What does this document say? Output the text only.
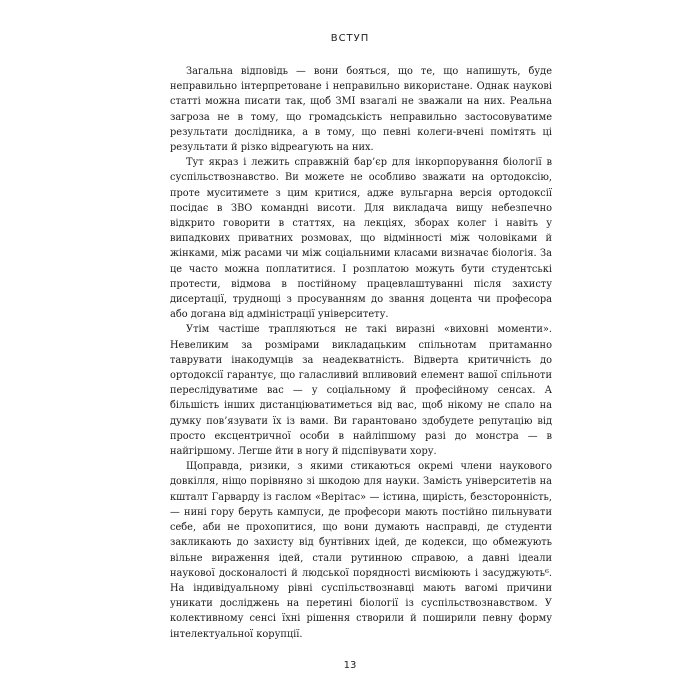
ВСТУП

Загальна відповідь — вони бояться, що те, що напишуть, буде неправильно інтерпретоване і неправильно використане. Однак наукові статті можна писати так, щоб ЗМІ взагалі не зважали на них. Реальна загроза не в тому, що громадськість неправильно застосовуватиме результати дослідника, а в тому, що певні колеги-вчені помітять ці результати й різко відреагують на них.

Тут якраз і лежить справжній бар’єр для інкорпорування біології в суспільствознавство. Ви можете не особливо зважати на ортодоксію, проте муситимете з цим критися, адже вульгарна версія ортодоксії посідає в ЗВО командні висоти. Для викладача вищу небезпечно відкрито говорити в статтях, на лекціях, зборах колег і навіть у випадкових приватних розмовах, що відмінності між чоловіками й жінками, між расами чи між соціальними класами визначає біологія. За це часто можна поплатитися. І розплатою можуть бути студентські протести, відмова в постійному працевлаштуванні після захисту дисертації, труднощі з просуванням до звання доцента чи професора або догана від адміністрації університету.

Утім частіше трапляються не такі виразні «виховні моменти». Невеликим за розмірами викладацьким спільнотам притаманно таврувати інакодумців за неадекватність. Відверта критичність до ортодоксії гарантує, що галасливий впливовий елемент вашої спільноти переслідуватиме вас — у соціальному й професійному сенсах. А більшість інших дистанціюватиметься від вас, щоб нікому не спало на думку пов’язувати їх із вами. Ви гарантовано здобудете репутацію від просто ексцентричної особи в найліпшому разі до монстра — в найгіршому. Легше йти в ногу й підспівувати хору.

Щоправда, ризики, з якими стикаються окремі члени наукового довкілля, ніщо порівняно зі шкодою для науки. Замість університетів на кшталт Гарварду із гаслом «Верітас» — істина, щирість, безсторонність, — нині гору беруть кампуси, де професори мають постійно пильнувати себе, аби не прохопитися, що вони думають насправді, де студенти закликають до захисту від бунтівних ідей, де кодекси, що обмежують вільне вираження ідей, стали рутинною справою, а давні ідеали наукової досконалості й людської порядності висміюють і засуджують⁶. На індивідуальному рівні суспільствознавці мають вагомі причини уникати досліджень на перетині біології із суспільствознавством. У колективному сенсі їхні рішення створили й поширили певну форму інтелектуальної корупції.

13
